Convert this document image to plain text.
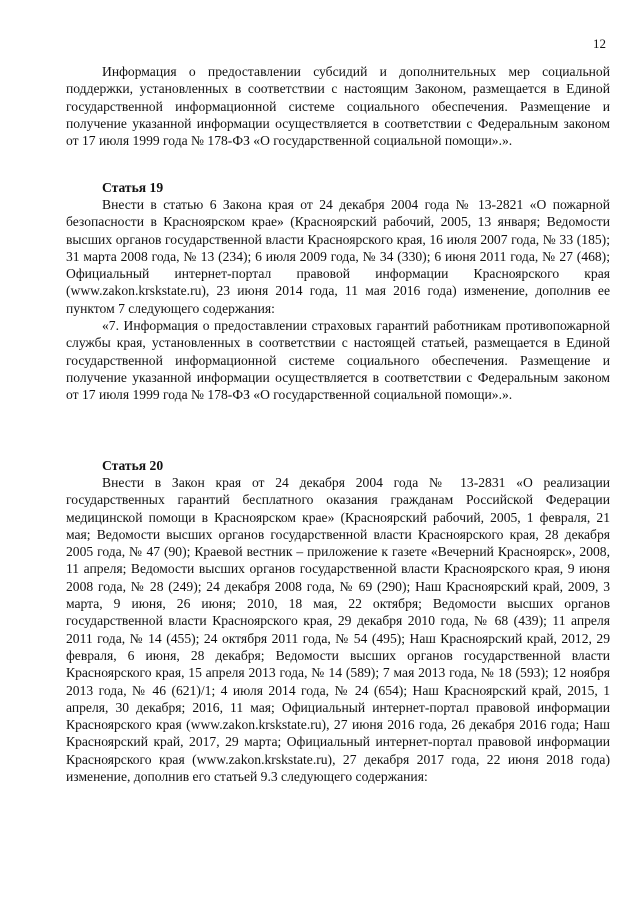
12

Информация о предоставлении субсидий и дополнительных мер социальной поддержки, установленных в соответствии с настоящим Законом, размещается в Единой государственной информационной системе социального обеспечения. Размещение и получение указанной информации осуществляется в соответствии с Федеральным законом от 17 июля 1999 года № 178-ФЗ «О государственной социальной помощи».».

Статья 19

Внести в статью 6 Закона края от 24 декабря 2004 года № 13-2821 «О пожарной безопасности в Красноярском крае» (Красноярский рабочий, 2005, 13 января; Ведомости высших органов государственной власти Красноярского края, 16 июля 2007 года, № 33 (185); 31 марта 2008 года, № 13 (234); 6 июля 2009 года, № 34 (330); 6 июня 2011 года, № 27 (468); Официальный интернет-портал правовой информации Красноярского края (www.zakon.krskstate.ru), 23 июня 2014 года, 11 мая 2016 года) изменение, дополнив ее пунктом 7 следующего содержания:

«7. Информация о предоставлении страховых гарантий работникам противопожарной службы края, установленных в соответствии с настоящей статьей, размещается в Единой государственной информационной системе социального обеспечения. Размещение и получение указанной информации осуществляется в соответствии с Федеральным законом от 17 июля 1999 года № 178-ФЗ «О государственной социальной помощи».».

Статья 20

Внести в Закон края от 24 декабря 2004 года № 13-2831 «О реализации государственных гарантий бесплатного оказания гражданам Российской Федерации медицинской помощи в Красноярском крае» (Красноярский рабочий, 2005, 1 февраля, 21 мая; Ведомости высших органов государственной власти Красноярского края, 28 декабря 2005 года, № 47 (90); Краевой вестник – приложение к газете «Вечерний Красноярск», 2008, 11 апреля; Ведомости высших органов государственной власти Красноярского края, 9 июня 2008 года, № 28 (249); 24 декабря 2008 года, № 69 (290); Наш Красноярский край, 2009, 3 марта, 9 июня, 26 июня; 2010, 18 мая, 22 октября; Ведомости высших органов государственной власти Красноярского края, 29 декабря 2010 года, № 68 (439); 11 апреля 2011 года, № 14 (455); 24 октября 2011 года, № 54 (495); Наш Красноярский край, 2012, 29 февраля, 6 июня, 28 декабря; Ведомости высших органов государственной власти Красноярского края, 15 апреля 2013 года, № 14 (589); 7 мая 2013 года, № 18 (593); 12 ноября 2013 года, № 46 (621)/1; 4 июля 2014 года, № 24 (654); Наш Красноярский край, 2015, 1 апреля, 30 декабря; 2016, 11 мая; Официальный интернет-портал правовой информации Красноярского края (www.zakon.krskstate.ru), 27 июня 2016 года, 26 декабря 2016 года; Наш Красноярский край, 2017, 29 марта; Официальный интернет-портал правовой информации Красноярского края (www.zakon.krskstate.ru), 27 декабря 2017 года, 22 июня 2018 года) изменение, дополнив его статьей 9.3 следующего содержания:
